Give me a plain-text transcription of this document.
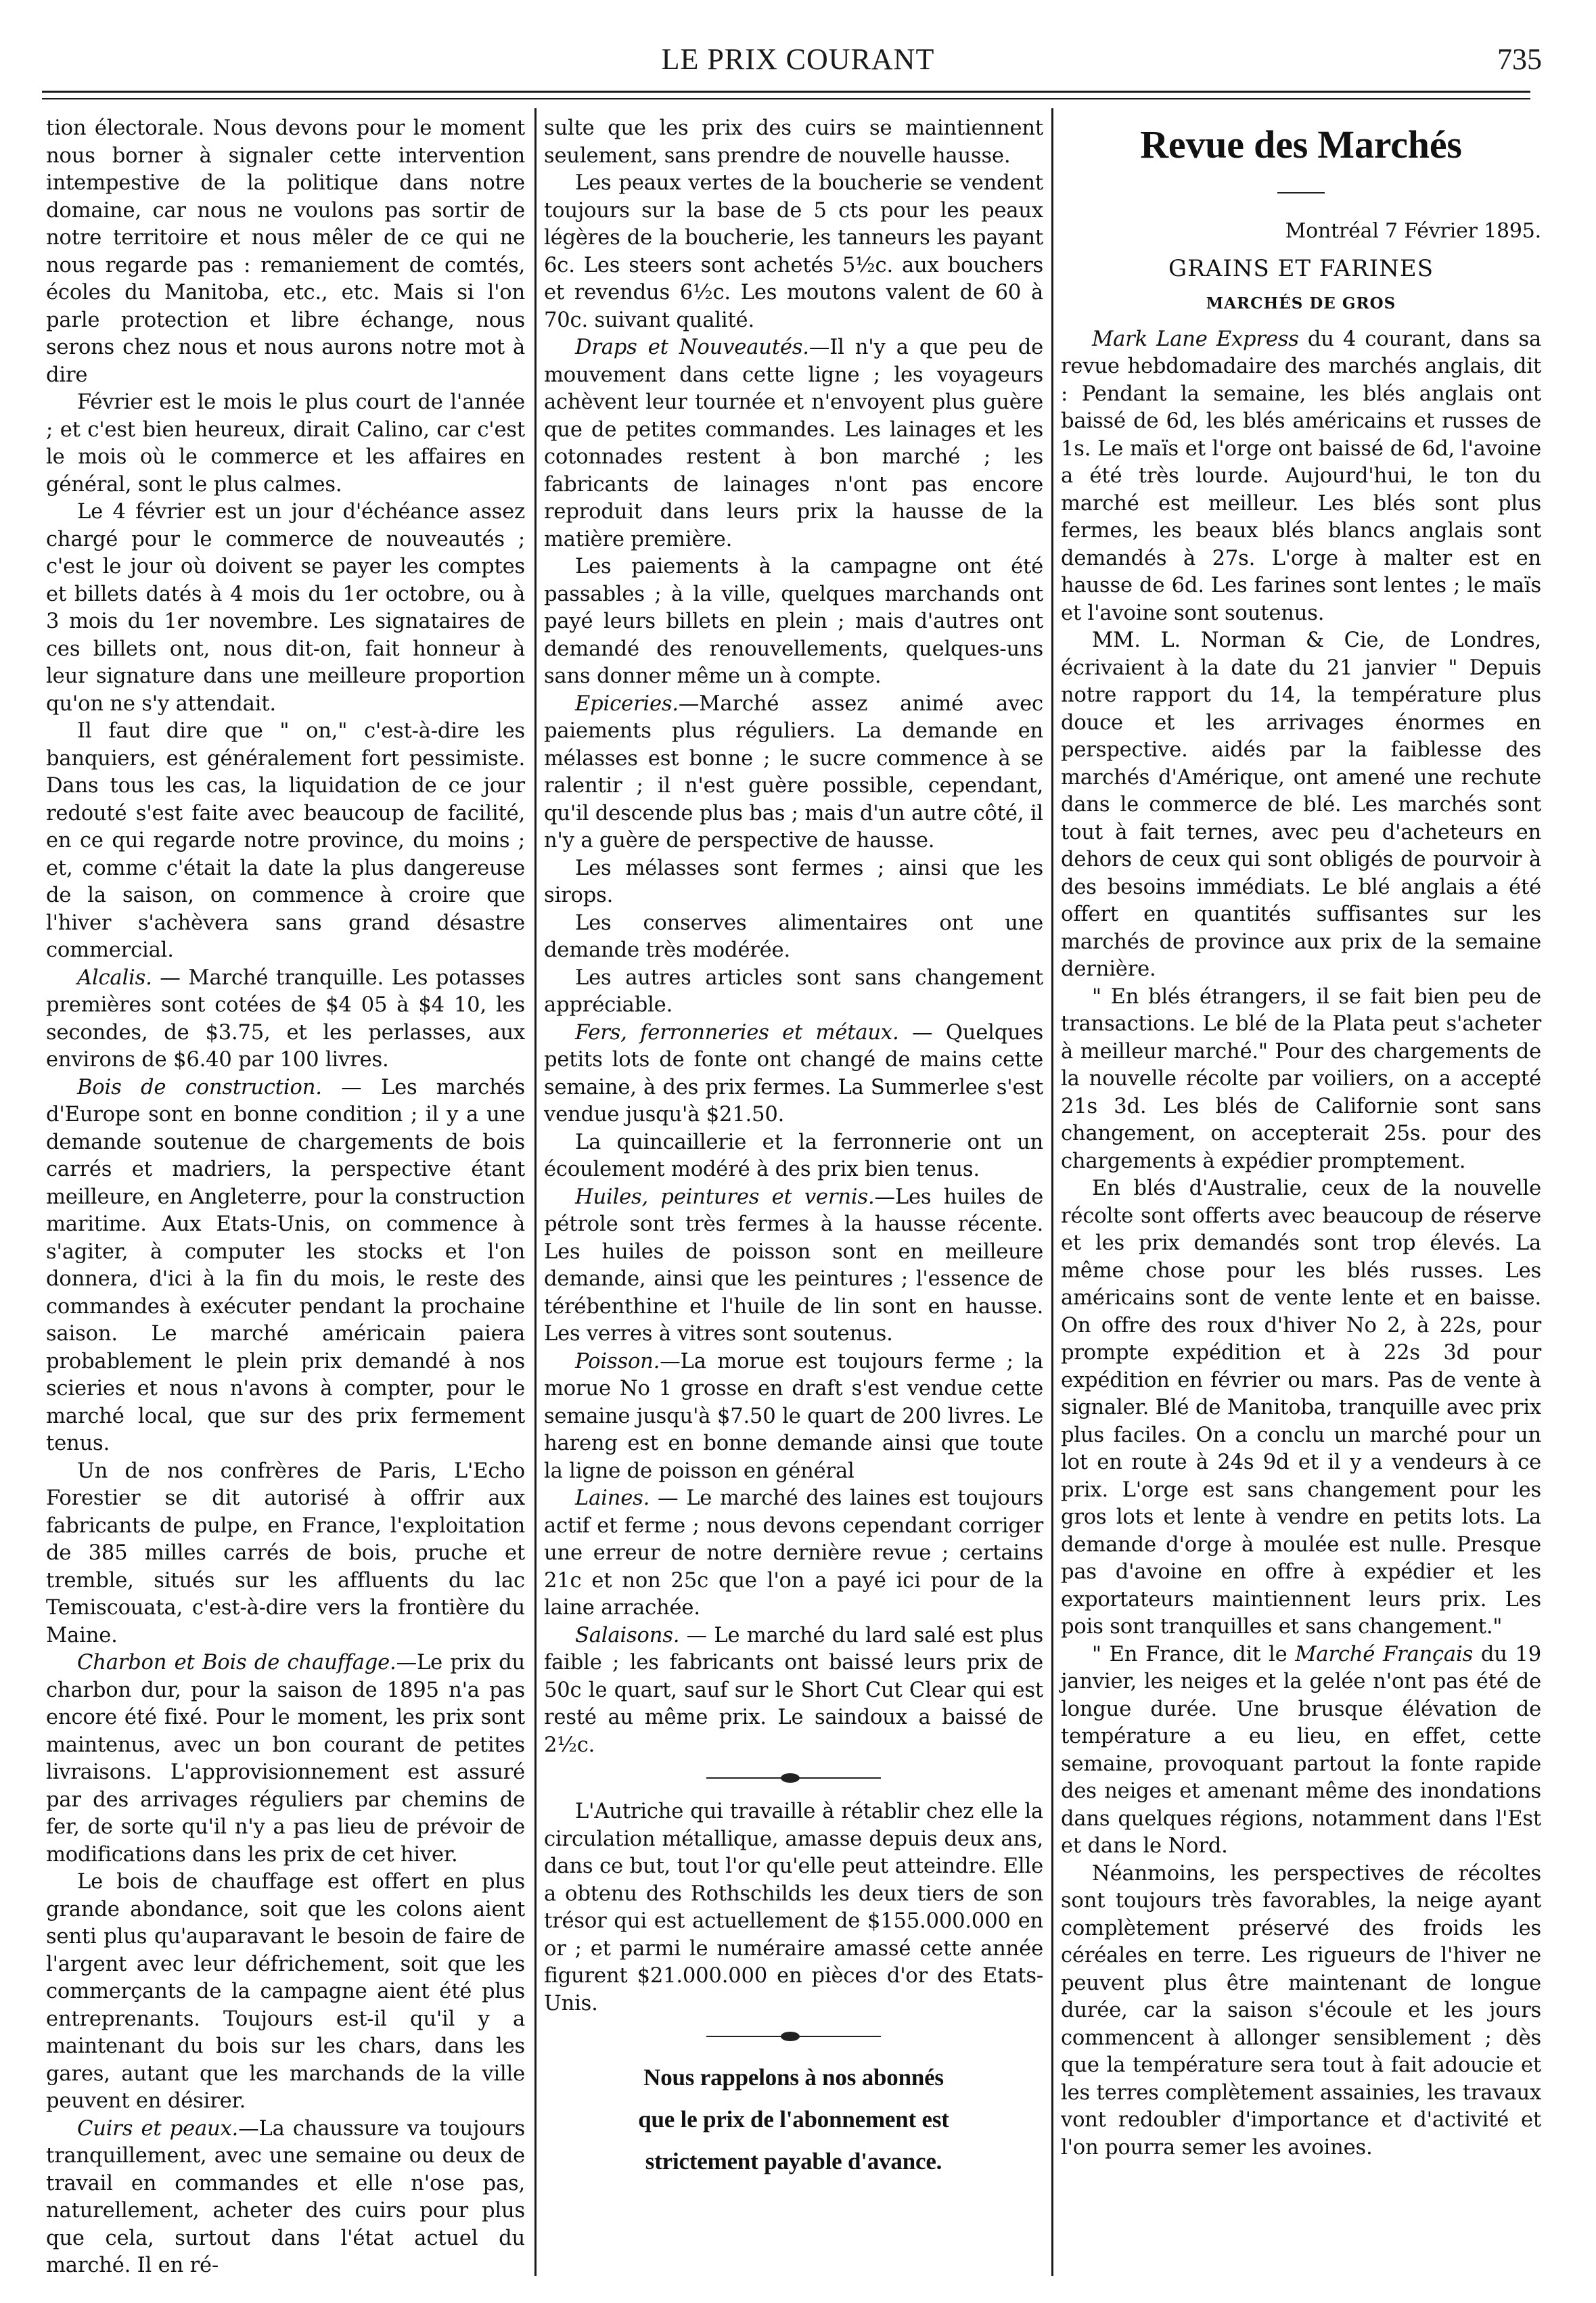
LE PRIX COURANT	735

tion électorale. Nous devons pour le moment nous borner à signaler cette intervention intempestive de la politique dans notre domaine, car nous ne voulons pas sortir de notre territoire et nous mêler de ce qui ne nous regarde pas : remaniement de comtés, écoles du Manitoba, etc., etc. Mais si l'on parle protection et libre échange, nous serons chez nous et nous aurons notre mot à dire

Février est le mois le plus court de l'année ; et c'est bien heureux, dirait Calino, car c'est le mois où le commerce et les affaires en général, sont le plus calmes.

Le 4 février est un jour d'échéance assez chargé pour le commerce de nouveautés ; c'est le jour où doivent se payer les comptes et billets datés à 4 mois du 1er octobre, ou à 3 mois du 1er novembre. Les signataires de ces billets ont, nous dit-on, fait honneur à leur signature dans une meilleure proportion qu'on ne s'y attendait.

Il faut dire que " on," c'est-à-dire les banquiers, est généralement fort pessimiste. Dans tous les cas, la liquidation de ce jour redouté s'est faite avec beaucoup de facilité, en ce qui regarde notre province, du moins ; et, comme c'était la date la plus dangereuse de la saison, on commence à croire que l'hiver s'achèvera sans grand désastre commercial.

Alcalis. — Marché tranquille. Les potasses premières sont cotées de $4 05 à $4 10, les secondes, de $3.75, et les perlasses, aux environs de $6.40 par 100 livres.

Bois de construction. — Les marchés d'Europe sont en bonne condition ; il y a une demande soutenue de chargements de bois carrés et madriers, la perspective étant meilleure, en Angleterre, pour la construction maritime. Aux Etats-Unis, on commence à s'agiter, à computer les stocks et l'on donnera, d'ici à la fin du mois, le reste des commandes à exécuter pendant la prochaine saison. Le marché américain paiera probablement le plein prix demandé à nos scieries et nous n'avons à compter, pour le marché local, que sur des prix fermement tenus.

Un de nos confrères de Paris, L'Echo Forestier se dit autorisé à offrir aux fabricants de pulpe, en France, l'exploitation de 385 milles carrés de bois, pruche et tremble, situés sur les affluents du lac Temiscouata, c'est-à-dire vers la frontière du Maine.

Charbon et Bois de chauffage.—Le prix du charbon dur, pour la saison de 1895 n'a pas encore été fixé. Pour le moment, les prix sont maintenus, avec un bon courant de petites livraisons. L'approvisionnement est assuré par des arrivages réguliers par chemins de fer, de sorte qu'il n'y a pas lieu de prévoir de modifications dans les prix de cet hiver.

Le bois de chauffage est offert en plus grande abondance, soit que les colons aient senti plus qu'auparavant le besoin de faire de l'argent avec leur défrichement, soit que les commerçants de la campagne aient été plus entreprenants. Toujours est-il qu'il y a maintenant du bois sur les chars, dans les gares, autant que les marchands de la ville peuvent en désirer.

Cuirs et peaux.—La chaussure va toujours tranquillement, avec une semaine ou deux de travail en commandes et elle n'ose pas, naturellement, acheter des cuirs pour plus que cela, surtout dans l'état actuel du marché. Il en ré-

sulte que les prix des cuirs se maintiennent seulement, sans prendre de nouvelle hausse.

Les peaux vertes de la boucherie se vendent toujours sur la base de 5 cts pour les peaux légères de la boucherie, les tanneurs les payant 6c. Les steers sont achetés 5½c. aux bouchers et revendus 6½c. Les moutons valent de 60 à 70c. suivant qualité.

Draps et Nouveautés.—Il n'y a que peu de mouvement dans cette ligne ; les voyageurs achèvent leur tournée et n'envoyent plus guère que de petites commandes. Les lainages et les cotonnades restent à bon marché ; les fabricants de lainages n'ont pas encore reproduit dans leurs prix la hausse de la matière première.

Les paiements à la campagne ont été passables ; à la ville, quelques marchands ont payé leurs billets en plein ; mais d'autres ont demandé des renouvellements, quelques-uns sans donner même un à compte.

Epiceries.—Marché assez animé avec paiements plus réguliers. La demande en mélasses est bonne ; le sucre commence à se ralentir ; il n'est guère possible, cependant, qu'il descende plus bas ; mais d'un autre côté, il n'y a guère de perspective de hausse.

Les mélasses sont fermes ; ainsi que les sirops.

Les conserves alimentaires ont une demande très modérée.

Les autres articles sont sans changement appréciable.

Fers, ferronneries et métaux. — Quelques petits lots de fonte ont changé de mains cette semaine, à des prix fermes. La Summerlee s'est vendue jusqu'à $21.50.

La quincaillerie et la ferronnerie ont un écoulement modéré à des prix bien tenus.

Huiles, peintures et vernis.—Les huiles de pétrole sont très fermes à la hausse récente. Les huiles de poisson sont en meilleure demande, ainsi que les peintures ; l'essence de térébenthine et l'huile de lin sont en hausse. Les verres à vitres sont soutenus.

Poisson.—La morue est toujours ferme ; la morue No 1 grosse en draft s'est vendue cette semaine jusqu'à $7.50 le quart de 200 livres. Le hareng est en bonne demande ainsi que toute la ligne de poisson en général

Laines. — Le marché des laines est toujours actif et ferme ; nous devons cependant corriger une erreur de notre dernière revue ; certains 21c et non 25c que l'on a payé ici pour de la laine arrachée.

Salaisons. — Le marché du lard salé est plus faible ; les fabricants ont baissé leurs prix de 50c le quart, sauf sur le Short Cut Clear qui est resté au même prix. Le saindoux a baissé de 2½c.

L'Autriche qui travaille à rétablir chez elle la circulation métallique, amasse depuis deux ans, dans ce but, tout l'or qu'elle peut atteindre. Elle a obtenu des Rothschilds les deux tiers de son trésor qui est actuellement de $155.000.000 en or ; et parmi le numéraire amassé cette année figurent $21.000.000 en pièces d'or des Etats-Unis.

Nous rappelons à nos abonnés
que le prix de l'abonnement est
strictement payable d'avance.
Revue des Marchés
Montréal 7 Février 1895.
GRAINS ET FARINES
MARCHÉS DE GROS

Mark Lane Express du 4 courant, dans sa revue hebdomadaire des marchés anglais, dit : Pendant la semaine, les blés anglais ont baissé de 6d, les blés américains et russes de 1s. Le maïs et l'orge ont baissé de 6d, l'avoine a été très lourde. Aujourd'hui, le ton du marché est meilleur. Les blés sont plus fermes, les beaux blés blancs anglais sont demandés à 27s. L'orge à malter est en hausse de 6d. Les farines sont lentes ; le maïs et l'avoine sont soutenus.

MM. L. Norman & Cie, de Londres, écrivaient à la date du 21 janvier " Depuis notre rapport du 14, la température plus douce et les arrivages énormes en perspective. aidés par la faiblesse des marchés d'Amérique, ont amené une rechute dans le commerce de blé. Les marchés sont tout à fait ternes, avec peu d'acheteurs en dehors de ceux qui sont obligés de pourvoir à des besoins immédiats. Le blé anglais a été offert en quantités suffisantes sur les marchés de province aux prix de la semaine dernière.

" En blés étrangers, il se fait bien peu de transactions. Le blé de la Plata peut s'acheter à meilleur marché." Pour des chargements de la nouvelle récolte par voiliers, on a accepté 21s 3d. Les blés de Californie sont sans changement, on accepterait 25s. pour des chargements à expédier promptement.

En blés d'Australie, ceux de la nouvelle récolte sont offerts avec beaucoup de réserve et les prix demandés sont trop élevés. La même chose pour les blés russes. Les américains sont de vente lente et en baisse. On offre des roux d'hiver No 2, à 22s, pour prompte expédition et à 22s 3d pour expédition en février ou mars. Pas de vente à signaler. Blé de Manitoba, tranquille avec prix plus faciles. On a conclu un marché pour un lot en route à 24s 9d et il y a vendeurs à ce prix. L'orge est sans changement pour les gros lots et lente à vendre en petits lots. La demande d'orge à moulée est nulle. Presque pas d'avoine en offre à expédier et les exportateurs maintiennent leurs prix. Les pois sont tranquilles et sans changement."

" En France, dit le Marché Français du 19 janvier, les neiges et la gelée n'ont pas été de longue durée. Une brusque élévation de température a eu lieu, en effet, cette semaine, provoquant partout la fonte rapide des neiges et amenant même des inondations dans quelques régions, notamment dans l'Est et dans le Nord.

Néanmoins, les perspectives de récoltes sont toujours très favorables, la neige ayant complètement préservé des froids les céréales en terre. Les rigueurs de l'hiver ne peuvent plus être maintenant de longue durée, car la saison s'écoule et les jours commencent à allonger sensiblement ; dès que la température sera tout à fait adoucie et les terres complètement assainies, les travaux vont redoubler d'importance et d'activité et l'on pourra semer les avoines.
